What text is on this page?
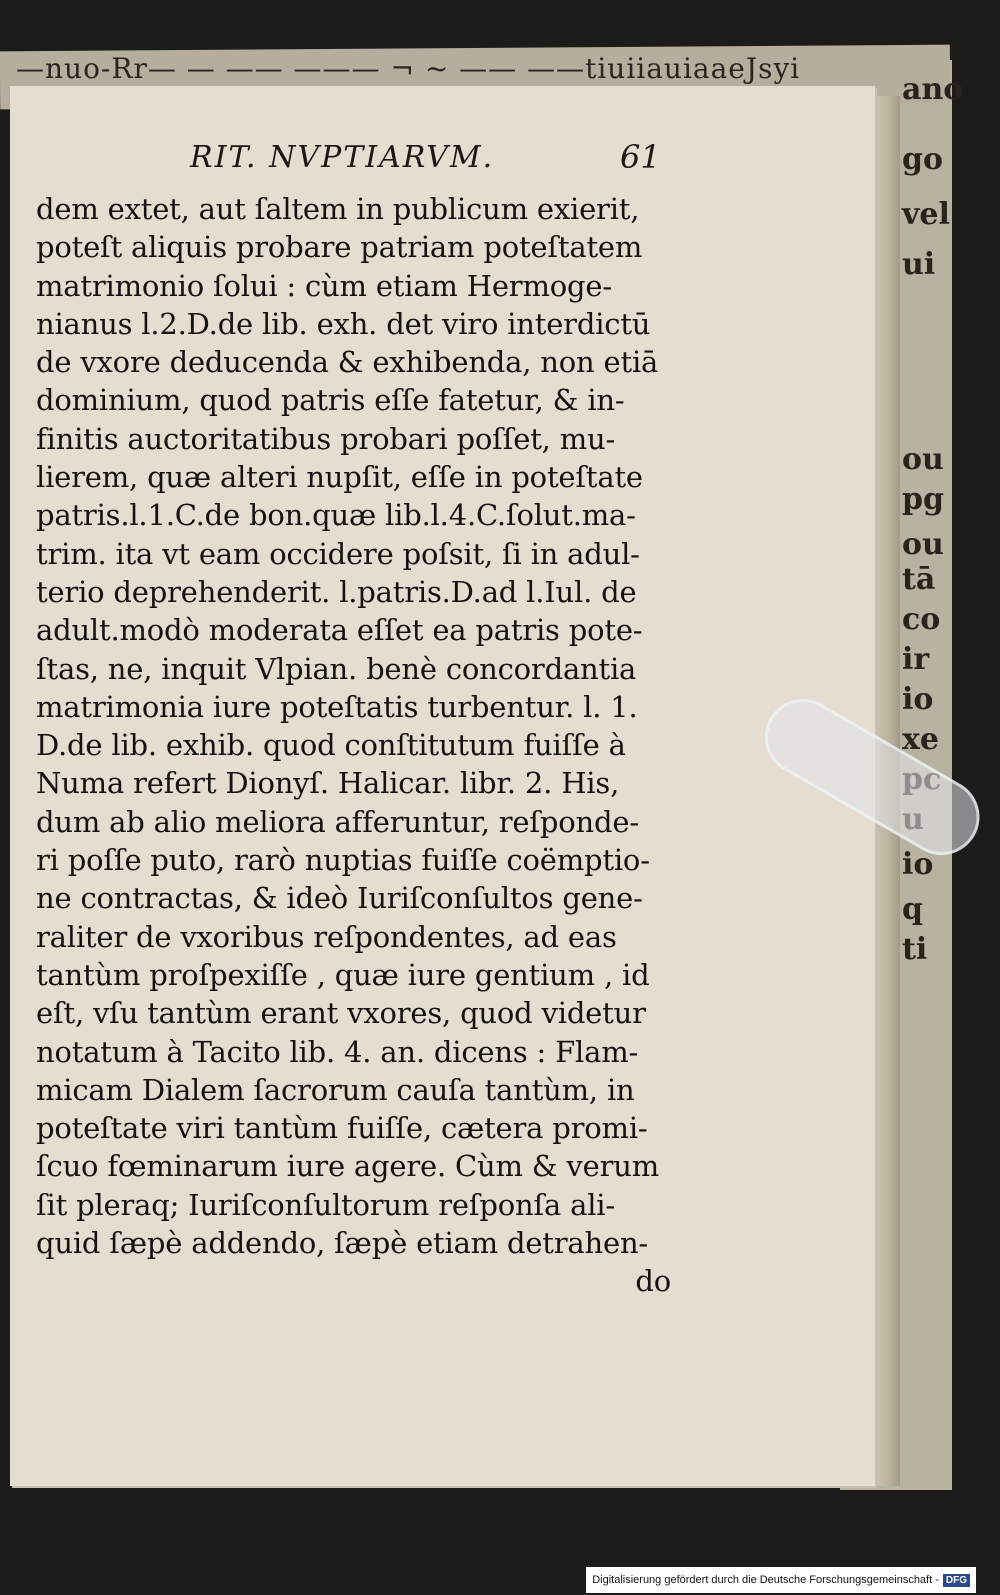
—nuo-Rr— — —— ——— ¬ ~ —— ——tiuiiauiaaeJsyi
ano
go
vel
ui
ou
pg
ou
tā
co
ir
io
xe
io
q
ti
RIT. NVPTIARVM.	61
dem extet, aut ſaltem in publicum exierit,
poteſt aliquis probare patriam poteſtatem
matrimonio ſolui : cùm etiam Hermoge-
nianus l.2.D.de lib. exh. det viro interdictū
de vxore deducenda & exhibenda, non etiā
dominium, quod patris eſſe fatetur, & in-
finitis auctoritatibus probari poſſet, mu-
lierem, quæ alteri nupſit, eſſe in poteſtate
patris.l.1.C.de bon.quæ lib.l.4.C.ſolut.ma-
trim. ita vt eam occidere poſsit, ſi in adul-
terio deprehenderit. l.patris.D.ad l.Iul. de
adult.modò moderata eſſet ea patris pote-
ſtas, ne, inquit Vlpian. benè concordantia
matrimonia iure poteſtatis turbentur. l. 1.
D.de lib. exhib. quod conſtitutum fuiſſe à
Numa refert Dionyſ. Halicar. libr. 2. His,
dum ab alio meliora afferuntur, reſponde-
ri poſſe puto, rarò nuptias fuiſſe coëmptio-
ne contractas, & ideò Iuriſconſultos gene-
raliter de vxoribus reſpondentes, ad eas
tantùm proſpexiſſe , quæ iure gentium , id
eſt, vſu tantùm erant vxores, quod videtur
notatum à Tacito lib. 4. an. dicens : Flam-
micam Dialem ſacrorum cauſa tantùm, in
poteſtate viri tantùm fuiſſe, cætera promi-
ſcuo fœminarum iure agere. Cùm & verum
ſit pleraq; Iuriſconſultorum reſponſa ali-
quid ſæpè addendo, ſæpè etiam detrahen-
do
Digitalisierung gefördert durch die Deutsche Forschungsgemeinschaft - DFG
